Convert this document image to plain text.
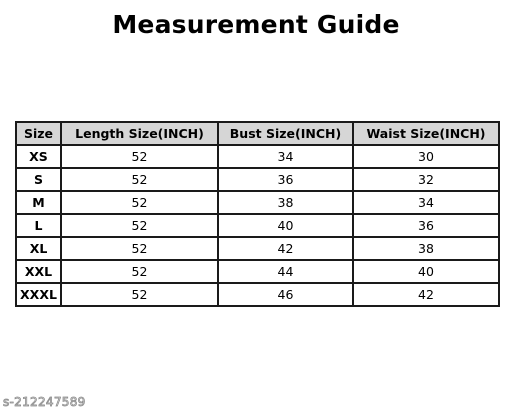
Measurement Guide
Size	Length Size(INCH)	Bust Size(INCH)	Waist Size(INCH)
XS	52	34	30
S	52	36	32
M	52	38	34
L	52	40	36
XL	52	42	38
XXL	52	44	40
XXXL	52	46	42
s-212247589
